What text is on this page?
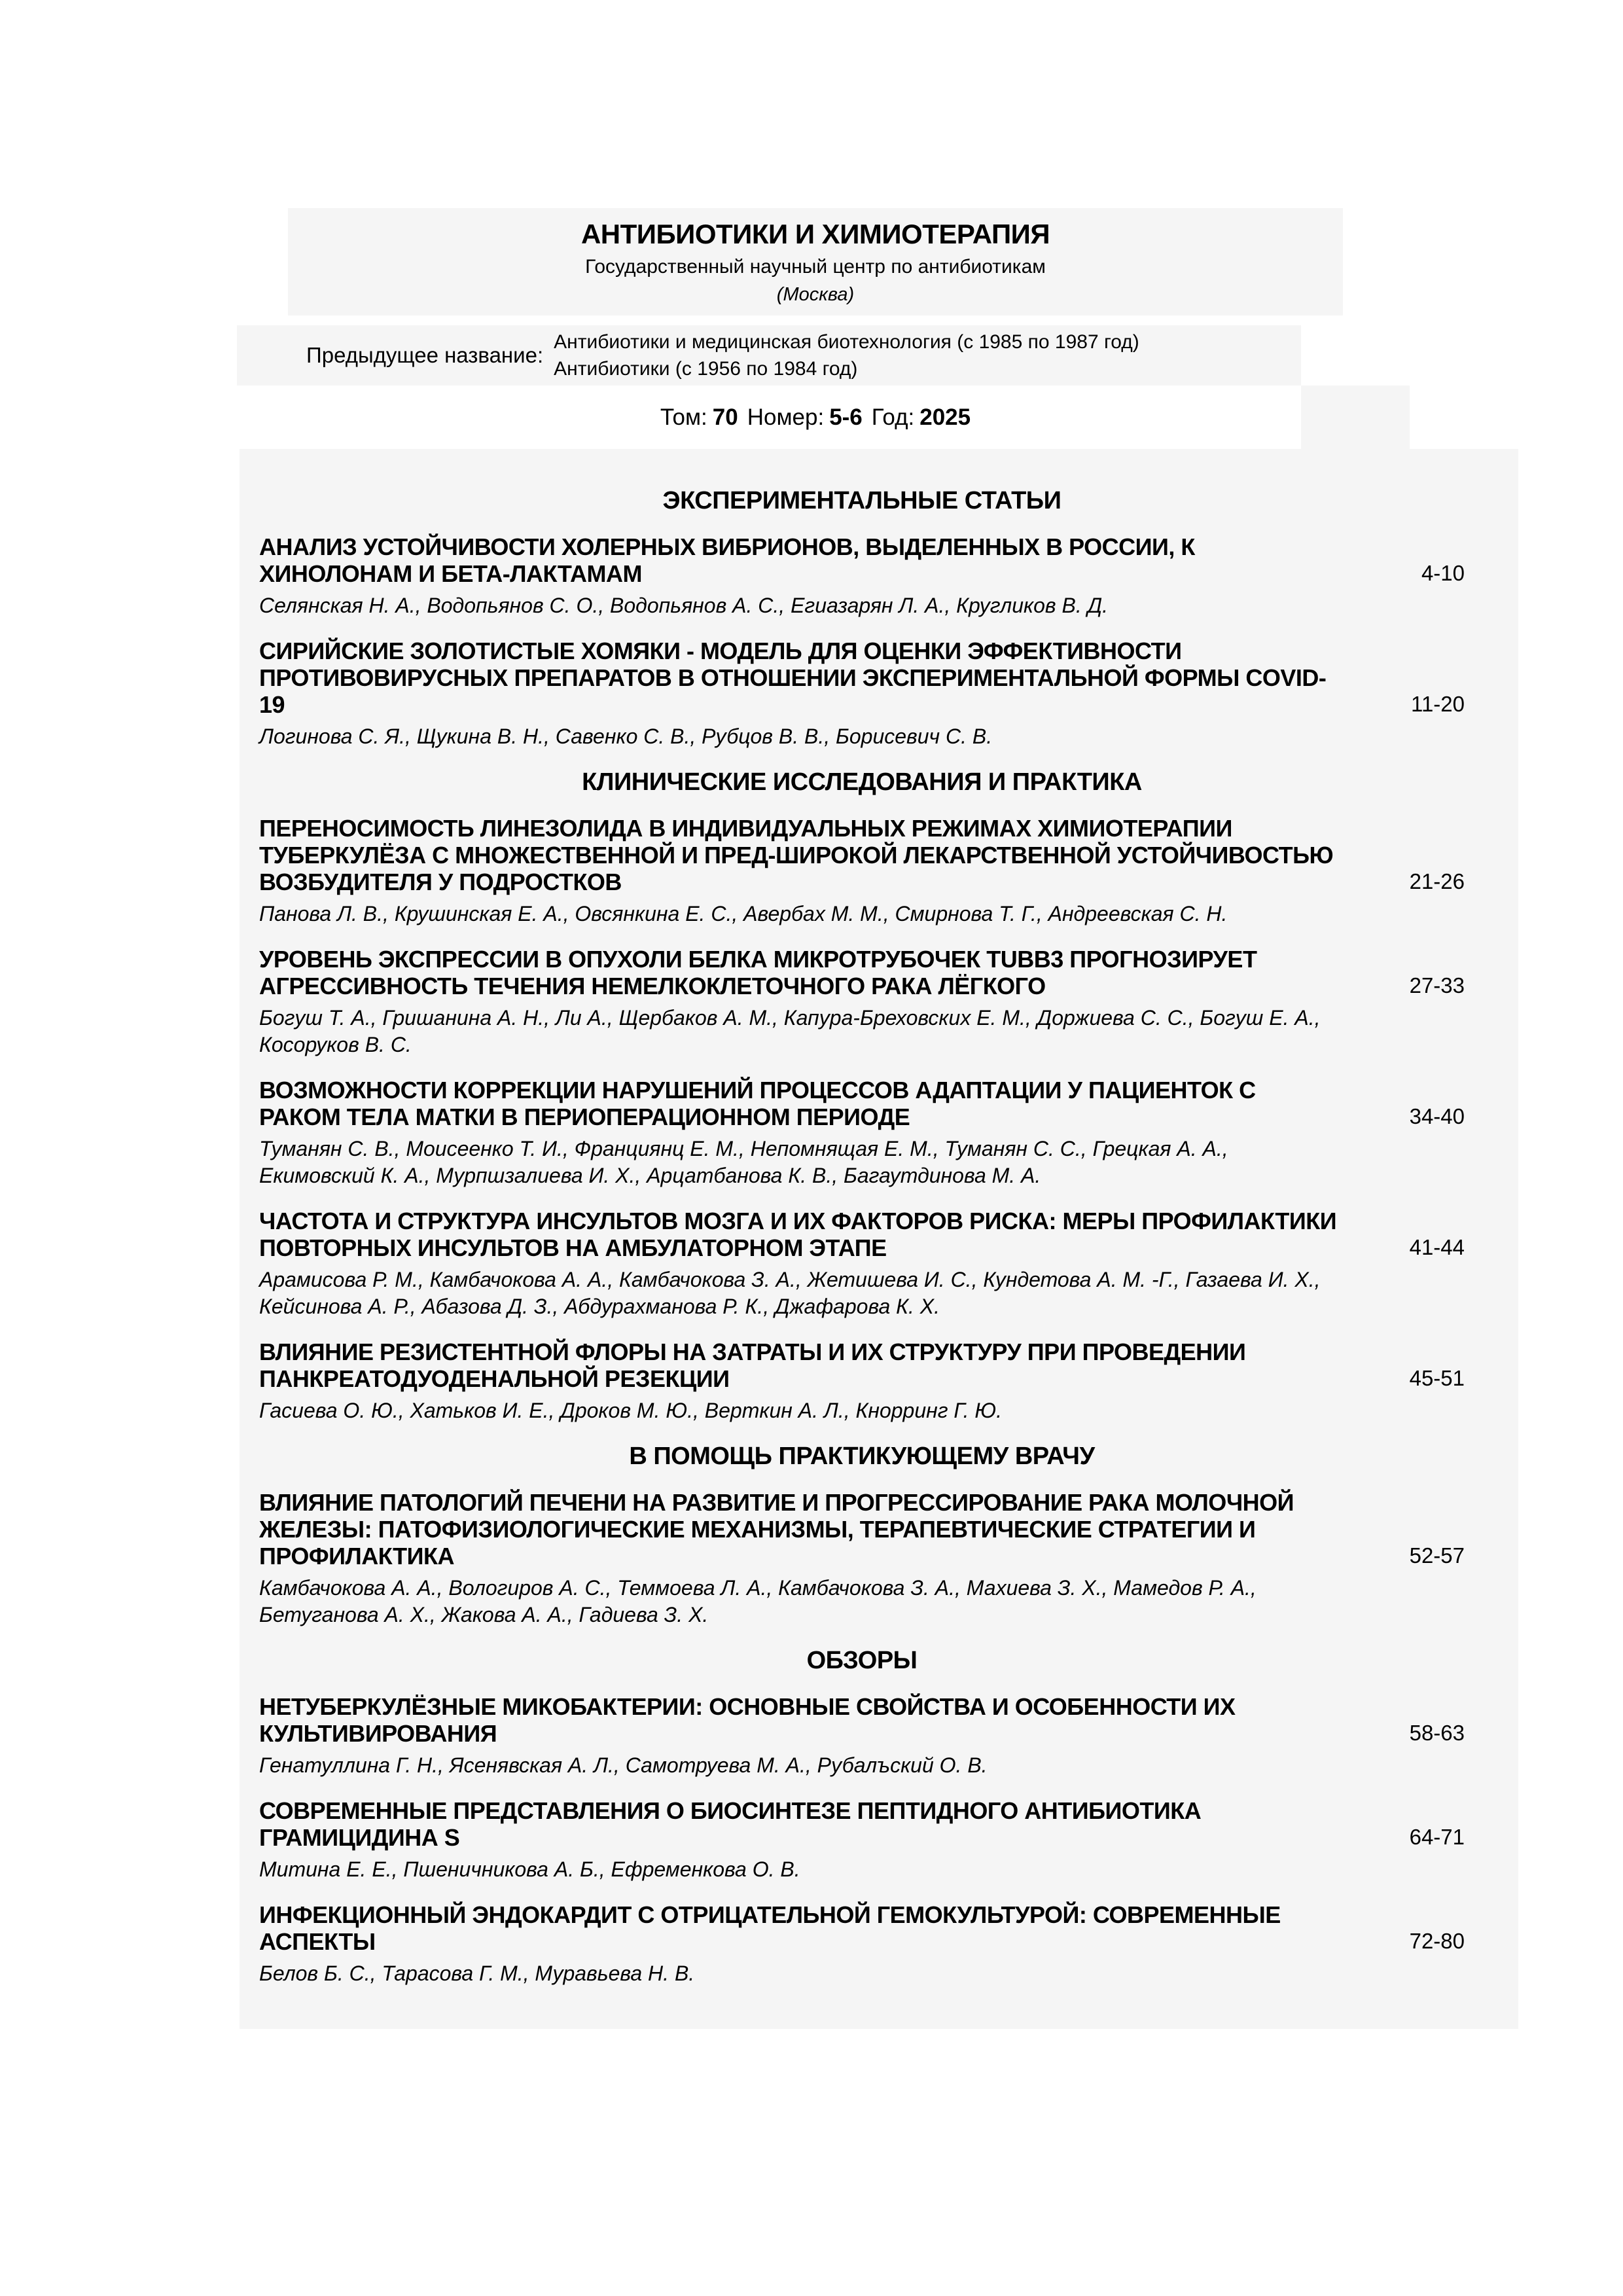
АНТИБИОТИКИ И ХИМИОТЕРАПИЯ
Государственный научный центр по антибиотикам
(Москва)
Предыдущее название:
Антибиотики и медицинская биотехнология (с 1985 по 1987 год)
Антибиотики (с 1956 по 1984 год)
Том: 70 Номер: 5-6 Год: 2025
ЭКСПЕРИМЕНТАЛЬНЫЕ СТАТЬИ
АНАЛИЗ УСТОЙЧИВОСТИ ХОЛЕРНЫХ ВИБРИОНОВ, ВЫДЕЛЕННЫХ В РОССИИ, К ХИНОЛОНАМ И БЕТА-ЛАКТАМАМ	4-10
Селянская Н. А., Водопьянов С. О., Водопьянов А. С., Егиазарян Л. А., Кругликов В. Д.
СИРИЙСКИЕ ЗОЛОТИСТЫЕ ХОМЯКИ - МОДЕЛЬ ДЛЯ ОЦЕНКИ ЭФФЕКТИВНОСТИ ПРОТИВОВИРУСНЫХ ПРЕПАРАТОВ В ОТНОШЕНИИ ЭКСПЕРИМЕНТАЛЬНОЙ ФОРМЫ COVID-19	11-20
Логинова С. Я., Щукина В. Н., Савенко С. В., Рубцов В. В., Борисевич С. В.
КЛИНИЧЕСКИЕ ИССЛЕДОВАНИЯ И ПРАКТИКА
ПЕРЕНОСИМОСТЬ ЛИНЕЗОЛИДА В ИНДИВИДУАЛЬНЫХ РЕЖИМАХ ХИМИОТЕРАПИИ ТУБЕРКУЛЁЗА С МНОЖЕСТВЕННОЙ И ПРЕД-ШИРОКОЙ ЛЕКАРСТВЕННОЙ УСТОЙЧИВОСТЬЮ ВОЗБУДИТЕЛЯ У ПОДРОСТКОВ	21-26
Панова Л. В., Крушинская Е. А., Овсянкина Е. С., Авербах М. М., Смирнова Т. Г., Андреевская С. Н.
УРОВЕНЬ ЭКСПРЕССИИ В ОПУХОЛИ БЕЛКА МИКРОТРУБОЧЕК TUBB3 ПРОГНОЗИРУЕТ АГРЕССИВНОСТЬ ТЕЧЕНИЯ НЕМЕЛКОКЛЕТОЧНОГО РАКА ЛЁГКОГО	27-33
Богуш Т. А., Гришанина А. Н., Ли А., Щербаков А. М., Капура-Бреховских Е. М., Доржиева С. С., Богуш Е. А., Косоруков В. С.
ВОЗМОЖНОСТИ КОРРЕКЦИИ НАРУШЕНИЙ ПРОЦЕССОВ АДАПТАЦИИ У ПАЦИЕНТОК С РАКОМ ТЕЛА МАТКИ В ПЕРИОПЕРАЦИОННОМ ПЕРИОДЕ	34-40
Туманян С. В., Моисеенко Т. И., Франциянц Е. М., Непомнящая Е. М., Туманян С. С., Грецкая А. А., Екимовский К. А., Мурпшзалиева И. Х., Арцатбанова К. В., Багаутдинова М. А.
ЧАСТОТА И СТРУКТУРА ИНСУЛЬТОВ МОЗГА И ИХ ФАКТОРОВ РИСКА: МЕРЫ ПРОФИЛАКТИКИ ПОВТОРНЫХ ИНСУЛЬТОВ НА АМБУЛАТОРНОМ ЭТАПЕ	41-44
Арамисова Р. М., Камбачокова А. А., Камбачокова З. А., Жетишева И. С., Кундетова А. М. -Г., Газаева И. Х., Кейсинова А. Р., Абазова Д. З., Абдурахманова Р. К., Джафарова К. Х.
ВЛИЯНИЕ РЕЗИСТЕНТНОЙ ФЛОРЫ НА ЗАТРАТЫ И ИХ СТРУКТУРУ ПРИ ПРОВЕДЕНИИ ПАНКРЕАТОДУОДЕНАЛЬНОЙ РЕЗЕКЦИИ	45-51
Гасиева О. Ю., Хатьков И. Е., Дроков М. Ю., Верткин А. Л., Кнорринг Г. Ю.
В ПОМОЩЬ ПРАКТИКУЮЩЕМУ ВРАЧУ
ВЛИЯНИЕ ПАТОЛОГИЙ ПЕЧЕНИ НА РАЗВИТИЕ И ПРОГРЕССИРОВАНИЕ РАКА МОЛОЧНОЙ ЖЕЛЕЗЫ: ПАТОФИЗИОЛОГИЧЕСКИЕ МЕХАНИЗМЫ, ТЕРАПЕВТИЧЕСКИЕ СТРАТЕГИИ И ПРОФИЛАКТИКА	52-57
Камбачокова А. А., Вологиров А. С., Теммоева Л. А., Камбачокова З. А., Махиева З. Х., Мамедов Р. А., Бетуганова А. Х., Жакова А. А., Гадиева З. Х.
ОБЗОРЫ
НЕТУБЕРКУЛЁЗНЫЕ МИКОБАКТЕРИИ: ОСНОВНЫЕ СВОЙСТВА И ОСОБЕННОСТИ ИХ КУЛЬТИВИРОВАНИЯ	58-63
Генатуллина Г. Н., Ясенявская А. Л., Самотруева М. А., Рубалъский О. В.
СОВРЕМЕННЫЕ ПРЕДСТАВЛЕНИЯ О БИОСИНТЕЗЕ ПЕПТИДНОГО АНТИБИОТИКА ГРАМИЦИДИНА S	64-71
Митина Е. Е., Пшеничникова А. Б., Ефременкова О. В.
ИНФЕКЦИОННЫЙ ЭНДОКАРДИТ С ОТРИЦАТЕЛЬНОЙ ГЕМОКУЛЬТУРОЙ: СОВРЕМЕННЫЕ АСПЕКТЫ	72-80
Белов Б. С., Тарасова Г. М., Муравьева Н. В.
